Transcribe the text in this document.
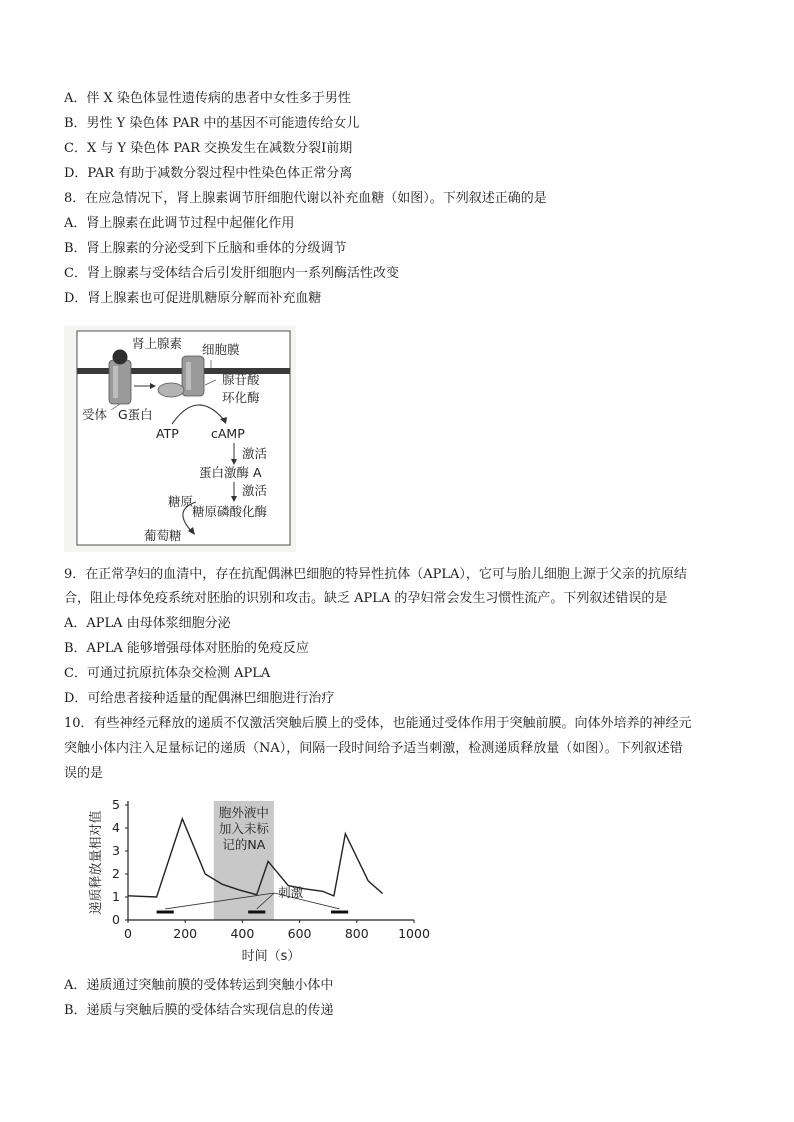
A．伴 X 染色体显性遗传病的患者中女性多于男性
B．男性 Y 染色体 PAR 中的基因不可能遗传给女儿
C．X 与 Y 染色体 PAR 交换发生在减数分裂Ⅰ前期
D．PAR 有助于减数分裂过程中性染色体正常分离
8．在应急情况下，肾上腺素调节肝细胞代谢以补充血糖（如图）。下列叙述正确的是
A．肾上腺素在此调节过程中起催化作用
B．肾上腺素的分泌受到下丘脑和垂体的分级调节
C．肾上腺素与受体结合后引发肝细胞内一系列酶活性改变
D．肾上腺素也可促进肌糖原分解而补充血糖
肾上腺素 细胞膜
腺苷酸
环化酶
受体 G蛋白
ATP	cAMP
激活
蛋白激酶 A
激活
糖原
糖原磷酸化酶
葡萄糖
9．在正常孕妇的血清中，存在抗配偶淋巴细胞的特异性抗体（APLA），它可与胎儿细胞上源于父亲的抗原结
合，阻止母体免疫系统对胚胎的识别和攻击。缺乏 APLA 的孕妇常会发生习惯性流产。下列叙述错误的是
A．APLA 由母体浆细胞分泌
B．APLA 能够增强母体对胚胎的免疫反应
C．可通过抗原抗体杂交检测 APLA
D．可给患者接种适量的配偶淋巴细胞进行治疗
10．有些神经元释放的递质不仅激活突触后膜上的受体，也能通过受体作用于突触前膜。向体外培养的神经元
突触小体内注入足量标记的递质（NA），间隔一段时间给予适当刺激，检测递质释放量（如图）。下列叙述错
误的是
胞外液中
加入未标
记的NA
0
1
2
3
4
5
0	200	400	600	800 1000
刺激
时间（s）
递质释放量相对值
A．递质通过突触前膜的受体转运到突触小体中
B．递质与突触后膜的受体结合实现信息的传递
